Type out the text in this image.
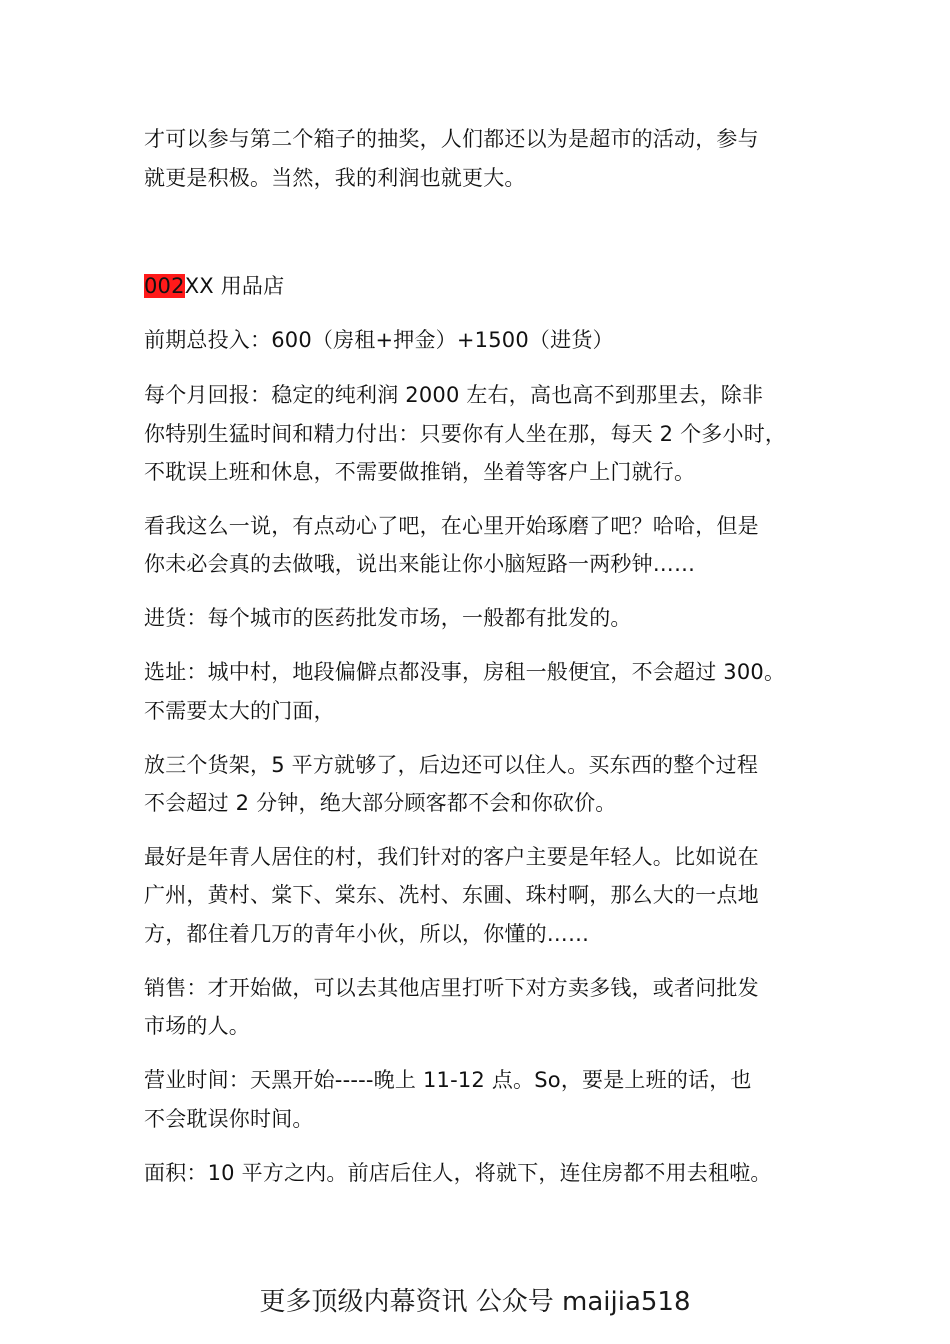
才可以参与第二个箱子的抽奖，人们都还以为是超市的活动，参与
就更是积极。当然，我的利润也就更大。
002XX 用品店
前期总投入：600（房租+押金）+1500（进货）
每个月回报：稳定的纯利润 2000 左右，高也高不到那里去，除非
你特别生猛时间和精力付出：只要你有人坐在那，每天 2 个多小时，
不耽误上班和休息，不需要做推销，坐着等客户上门就行。
看我这么一说，有点动心了吧，在心里开始琢磨了吧？哈哈，但是
你未必会真的去做哦，说出来能让你小脑短路一两秒钟……
进货：每个城市的医药批发市场，一般都有批发的。
选址：城中村，地段偏僻点都没事，房租一般便宜，不会超过 300。
不需要太大的门面，
放三个货架，5 平方就够了，后边还可以住人。买东西的整个过程
不会超过 2 分钟，绝大部分顾客都不会和你砍价。
最好是年青人居住的村，我们针对的客户主要是年轻人。比如说在
广州，黄村、棠下、棠东、冼村、东圃、珠村啊，那么大的一点地
方，都住着几万的青年小伙，所以，你懂的……
销售：才开始做，可以去其他店里打听下对方卖多钱，或者问批发
市场的人。
营业时间：天黑开始-----晚上 11-12 点。So，要是上班的话，也
不会耽误你时间。
面积：10 平方之内。前店后住人，将就下，连住房都不用去租啦。
更多顶级内幕资讯 公众号 maijia518
